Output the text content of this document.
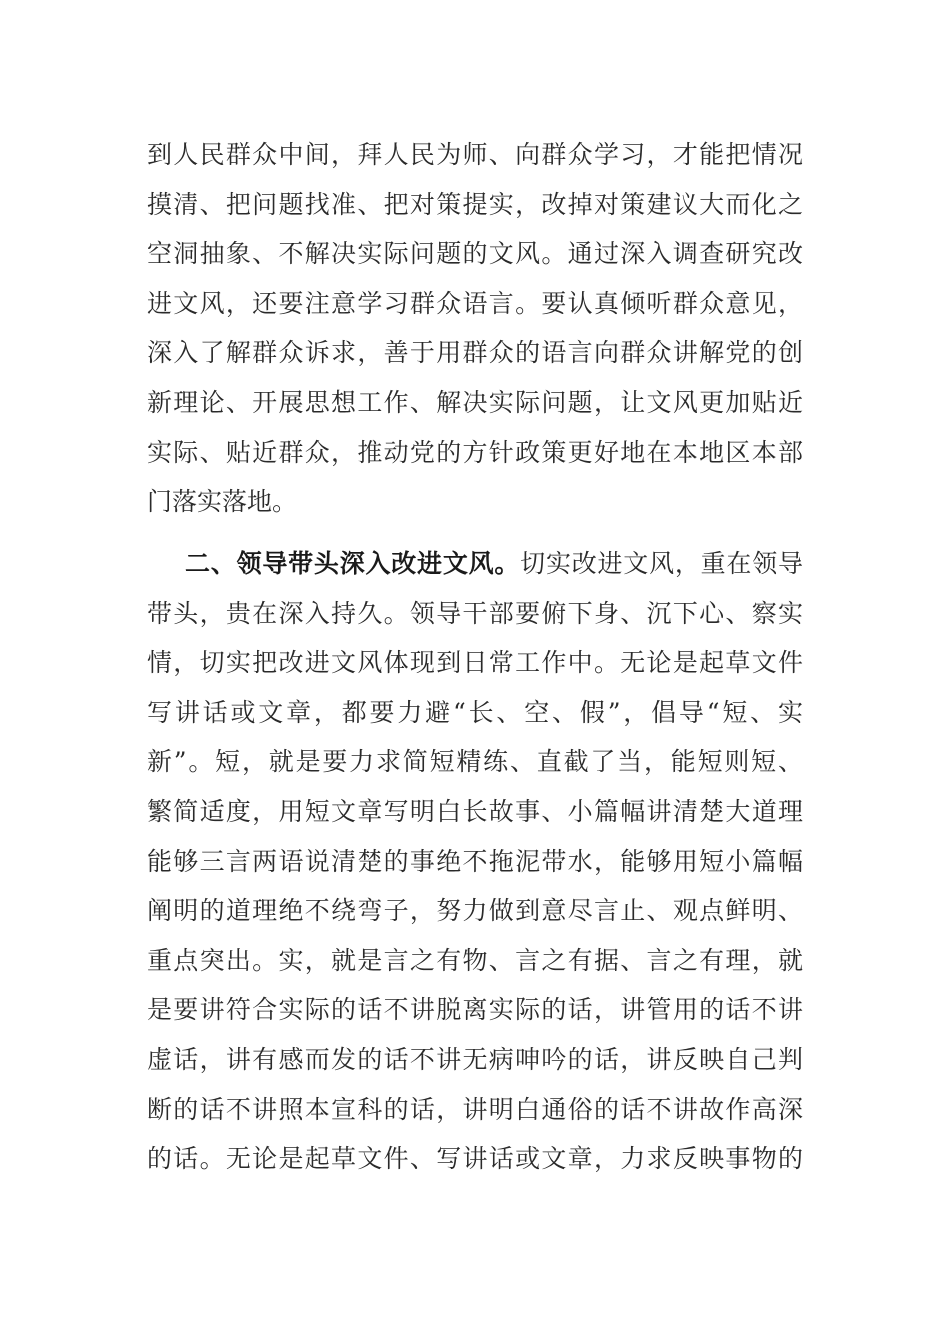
到人民群众中间，拜人民为师、向群众学习，才能把情况
摸清、把问题找准、把对策提实，改掉对策建议大而化之
空洞抽象、不解决实际问题的文风。通过深入调查研究改
进文风，还要注意学习群众语言。要认真倾听群众意见，
深入了解群众诉求，善于用群众的语言向群众讲解党的创
新理论、开展思想工作、解决实际问题，让文风更加贴近
实际、贴近群众，推动党的方针政策更好地在本地区本部
门落实落地。
二、领导带头深入改进文风。切实改进文风，重在领导
带头，贵在深入持久。领导干部要俯下身、沉下心、察实
情，切实把改进文风体现到日常工作中。无论是起草文件
写讲话或文章，都要力避“长、空、假”，倡导“短、实
新”。短，就是要力求简短精练、直截了当，能短则短、
繁简适度，用短文章写明白长故事、小篇幅讲清楚大道理
能够三言两语说清楚的事绝不拖泥带水，能够用短小篇幅
阐明的道理绝不绕弯子，努力做到意尽言止、观点鲜明、
重点突出。实，就是言之有物、言之有据、言之有理，就
是要讲符合实际的话不讲脱离实际的话，讲管用的话不讲
虚话，讲有感而发的话不讲无病呻吟的话，讲反映自己判
断的话不讲照本宣科的话，讲明白通俗的话不讲故作高深
的话。无论是起草文件、写讲话或文章，力求反映事物的
